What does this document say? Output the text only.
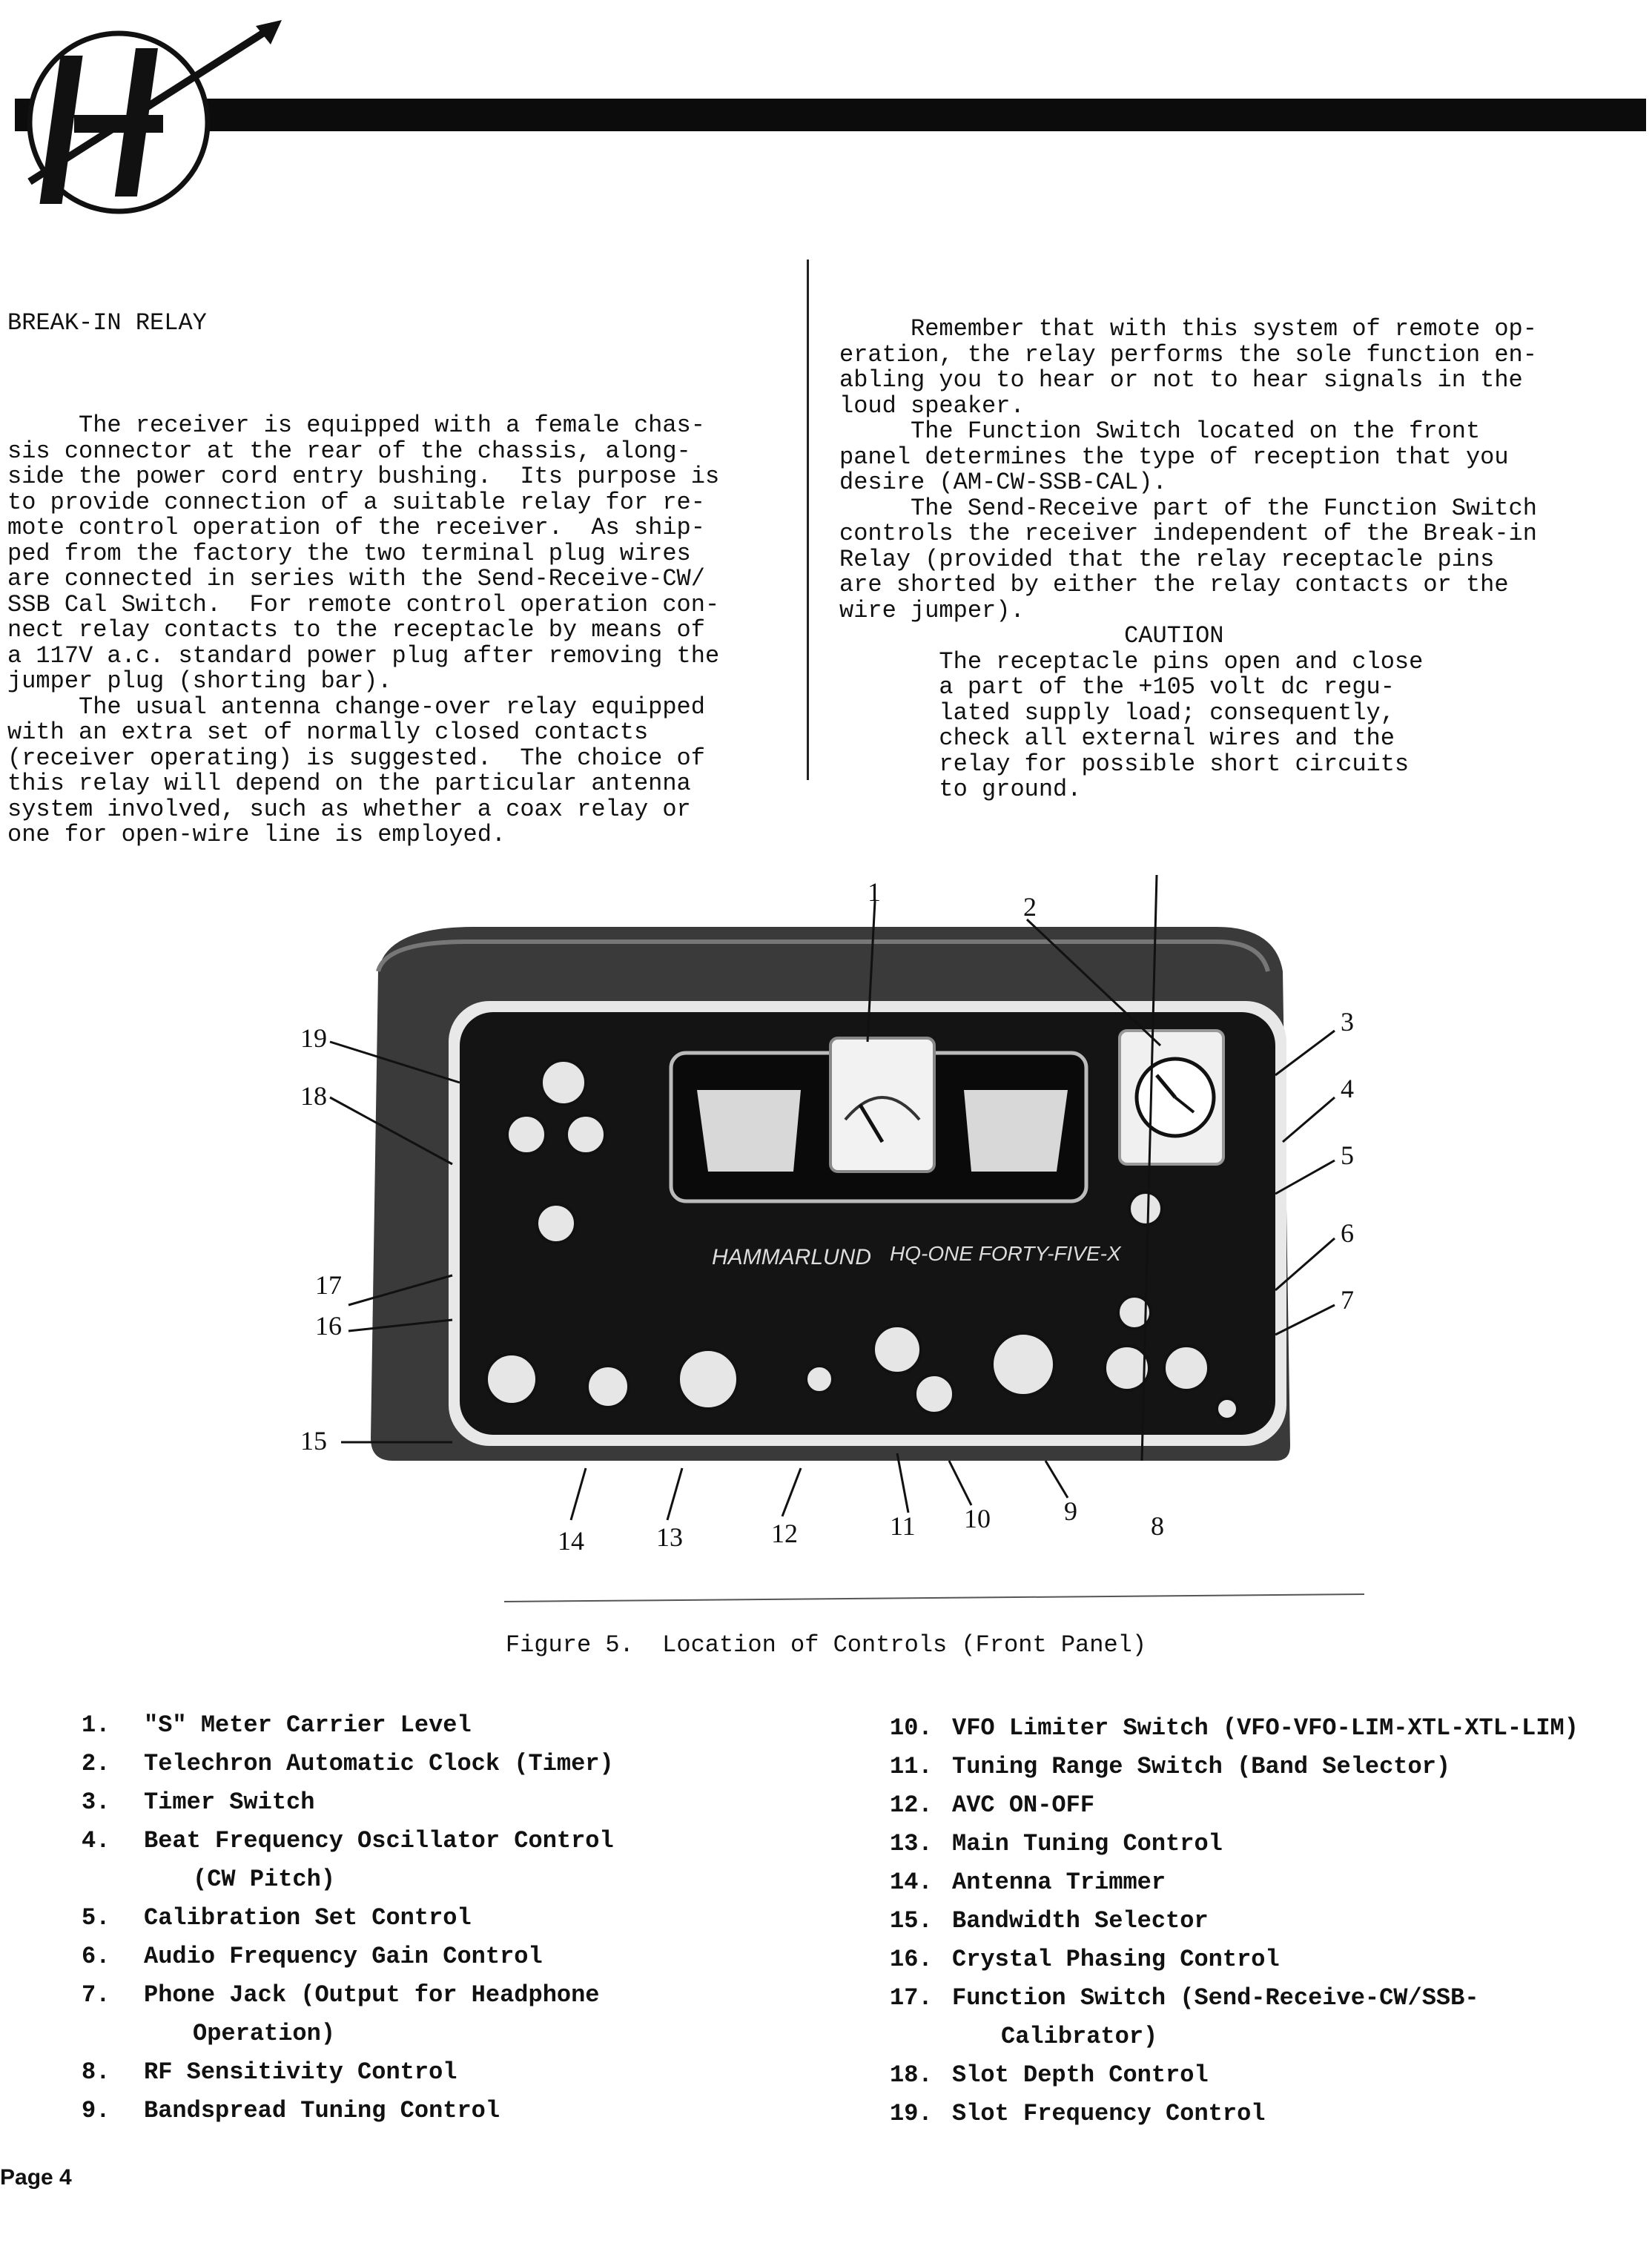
BREAK-IN RELAY

The receiver is equipped with a female chas-
sis connector at the rear of the chassis, along-
side the power cord entry bushing.  Its purpose is
to provide connection of a suitable relay for re-
mote control operation of the receiver.  As ship-
ped from the factory the two terminal plug wires
are connected in series with the Send-Receive-CW/
SSB Cal Switch.  For remote control operation con-
nect relay contacts to the receptacle by means of
a 117V a.c. standard power plug after removing the
jumper plug (shorting bar).
The usual antenna change-over relay equipped
with an extra set of normally closed contacts
(receiver operating) is suggested.  The choice of
this relay will depend on the particular antenna
system involved, such as whether a coax relay or
one for open-wire line is employed.

Remember that with this system of remote op-
eration, the relay performs the sole function en-
abling you to hear or not to hear signals in the
loud speaker.
The Function Switch located on the front
panel determines the type of reception that you
desire (AM-CW-SSB-CAL).
The Send-Receive part of the Function Switch
controls the receiver independent of the Break-in
Relay (provided that the relay receptacle pins
are shorted by either the relay contacts or the
wire jumper).
CAUTION
The receptacle pins open and close
a part of the +105 volt dc regu-
lated supply load; consequently,
check all external wires and the
relay for possible short circuits
to ground.

HAMMARLUND HQ-ONE FORTY-FIVE-X
1	2
3
4
5
6
7
8
9
10
11
12
13
14
15
16
17
18
19
Figure 5.  Location of Controls (Front Panel)
1. "S" Meter Carrier Level
2. Telechron Automatic Clock (Timer)
3. Timer Switch
4. Beat Frequency Oscillator Control
(CW Pitch)
5. Calibration Set Control
6. Audio Frequency Gain Control
7. Phone Jack (Output for Headphone
Operation)
8. RF Sensitivity Control
9. Bandspread Tuning Control
10. VFO Limiter Switch (VFO-VFO-LIM-XTL-XTL-LIM)
11. Tuning Range Switch (Band Selector)
12. AVC ON-OFF
13. Main Tuning Control
14. Antenna Trimmer
15. Bandwidth Selector
16. Crystal Phasing Control
17. Function Switch (Send-Receive-CW/SSB-
Calibrator)
18. Slot Depth Control
19. Slot Frequency Control
Page 4
